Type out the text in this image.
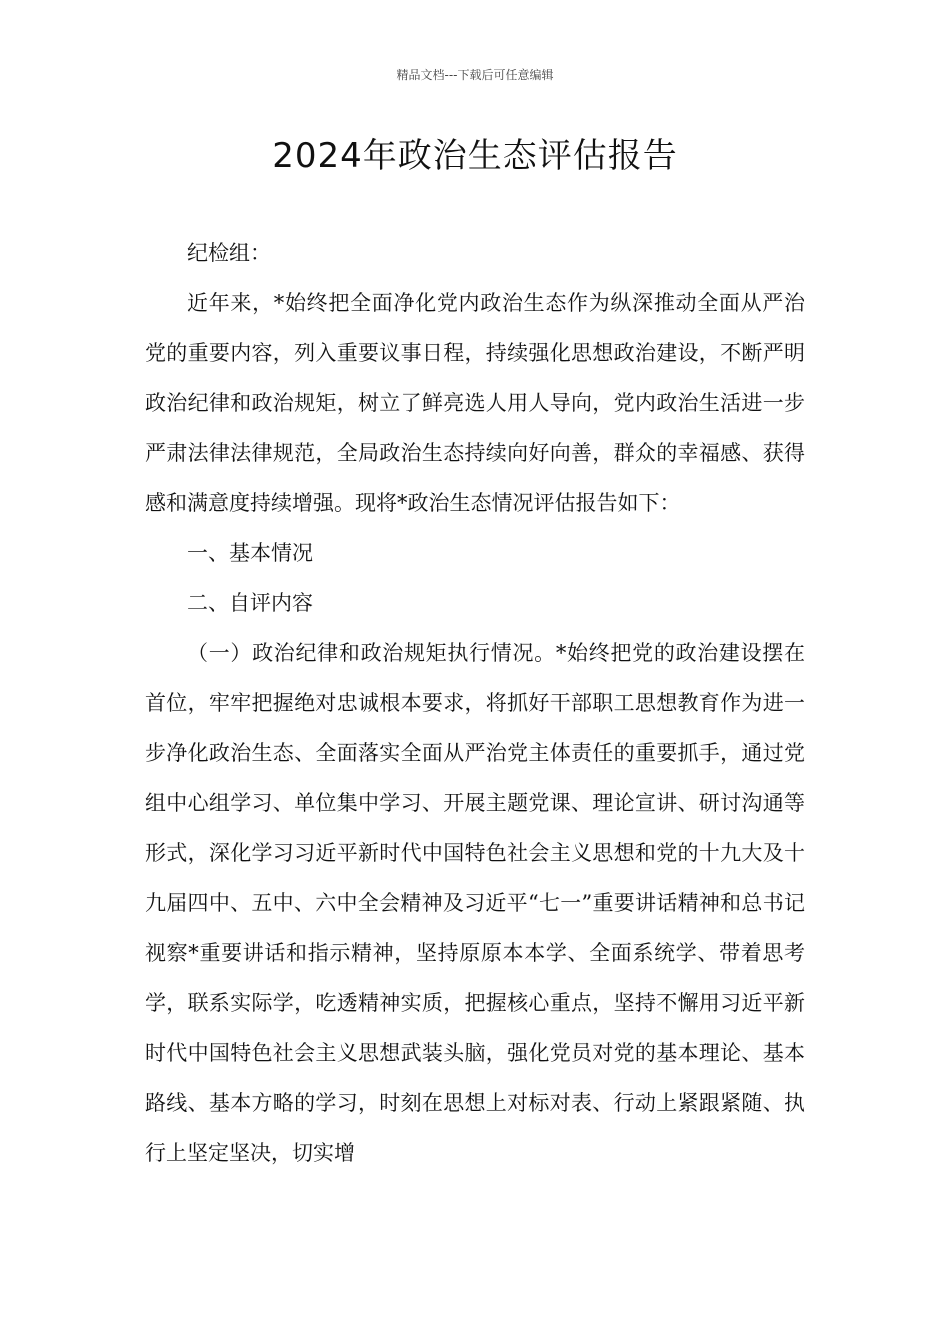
精品文档---下载后可任意编辑
2024年政治生态评估报告

纪检组：

近年来，*始终把全面净化党内政治生态作为纵深推动全面从严治党的重要内容，列入重要议事日程，持续强化思想政治建设，不断严明政治纪律和政治规矩，树立了鲜亮选人用人导向，党内政治生活进一步严肃法律法律规范，全局政治生态持续向好向善，群众的幸福感、获得感和满意度持续增强。现将*政治生态情况评估报告如下：

一、基本情况

二、自评内容

（一）政治纪律和政治规矩执行情况。*始终把党的政治建设摆在首位，牢牢把握绝对忠诚根本要求，将抓好干部职工思想教育作为进一步净化政治生态、全面落实全面从严治党主体责任的重要抓手，通过党组中心组学习、单位集中学习、开展主题党课、理论宣讲、研讨沟通等形式，深化学习习近平新时代中国特色社会主义思想和党的十九大及十九届四中、五中、六中全会精神及习近平“七一”重要讲话精神和总书记视察*重要讲话和指示精神，坚持原原本本学、全面系统学、带着思考学，联系实际学，吃透精神实质，把握核心重点，坚持不懈用习近平新时代中国特色社会主义思想武装头脑，强化党员对党的基本理论、基本路线、基本方略的学习，时刻在思想上对标对表、行动上紧跟紧随、执行上坚定坚决，切实增
